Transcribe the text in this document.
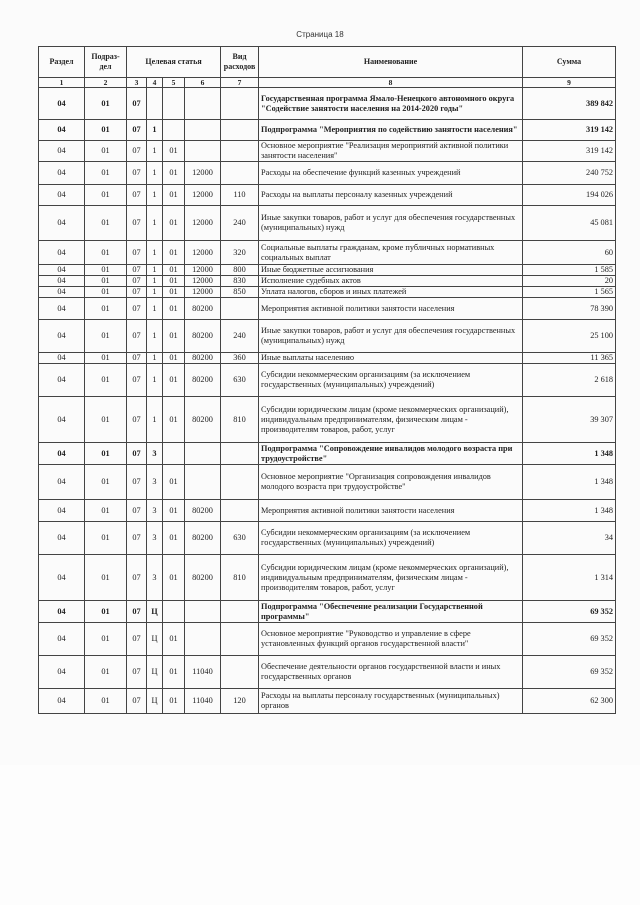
Страница 18
Раздел	Подраз-дел	Целевая статья				Вид расходов	Наименование	Сумма
1	2	3	4	5	6	7	8	9
04	01	07					Государственная программа Ямало-Ненецкого автономного округа "Содействие занятости населения на 2014-2020 годы"	389 842
04	01	07	1				Подпрограмма "Мероприятия по содействию занятости населения"	319 142
04	01	07	1	01			Основное мероприятие "Реализация мероприятий активной политики занятости населения"	319 142
04	01	07	1	01	12000		Расходы на обеспечение функций казенных учреждений	240 752
04	01	07	1	01	12000	110	Расходы на выплаты персоналу казенных учреждений	194 026
04	01	07	1	01	12000	240	Иные закупки товаров, работ и услуг для обеспечения государственных (муниципальных) нужд	45 081
04	01	07	1	01	12000	320	Социальные выплаты гражданам, кроме публичных нормативных социальных выплат	60
04	01	07	1	01	12000	800	Иные бюджетные ассигнования	1 585
04	01	07	1	01	12000	830	Исполнение судебных актов	20
04	01	07	1	01	12000	850	Уплата налогов, сборов и иных платежей	1 565
04	01	07	1	01	80200		Мероприятия активной политики занятости населения	78 390
04	01	07	1	01	80200	240	Иные закупки товаров, работ и услуг для обеспечения государственных (муниципальных) нужд	25 100
04	01	07	1	01	80200	360	Иные выплаты населению	11 365
04	01	07	1	01	80200	630	Субсидии некоммерческим организациям (за исключением государственных (муниципальных) учреждений)	2 618
04	01	07	1	01	80200	810	Субсидии юридическим лицам (кроме некоммерческих организаций), индивидуальным предпринимателям, физическим лицам - производителям товаров, работ, услуг	39 307
04	01	07	3				Подпрограмма "Сопровождение инвалидов молодого возраста при трудоустройстве"	1 348
04	01	07	3	01			Основное мероприятие "Организация сопровождения инвалидов молодого возраста при трудоустройстве"	1 348
04	01	07	3	01	80200		Мероприятия активной политики занятости населения	1 348
04	01	07	3	01	80200	630	Субсидии некоммерческим организациям (за исключением государственных (муниципальных) учреждений)	34
04	01	07	3	01	80200	810	Субсидии юридическим лицам (кроме некоммерческих организаций), индивидуальным предпринимателям, физическим лицам - производителям товаров, работ, услуг	1 314
04	01	07	Ц				Подпрограмма "Обеспечение реализации Государственной программы"	69 352
04	01	07	Ц	01			Основное мероприятие "Руководство и управление в сфере установленных функций органов государственной власти"	69 352
04	01	07	Ц	01	11040		Обеспечение деятельности органов государственной власти и иных государственных органов	69 352
04	01	07	Ц	01	11040	120	Расходы на выплаты персоналу государственных (муниципальных) органов	62 300
